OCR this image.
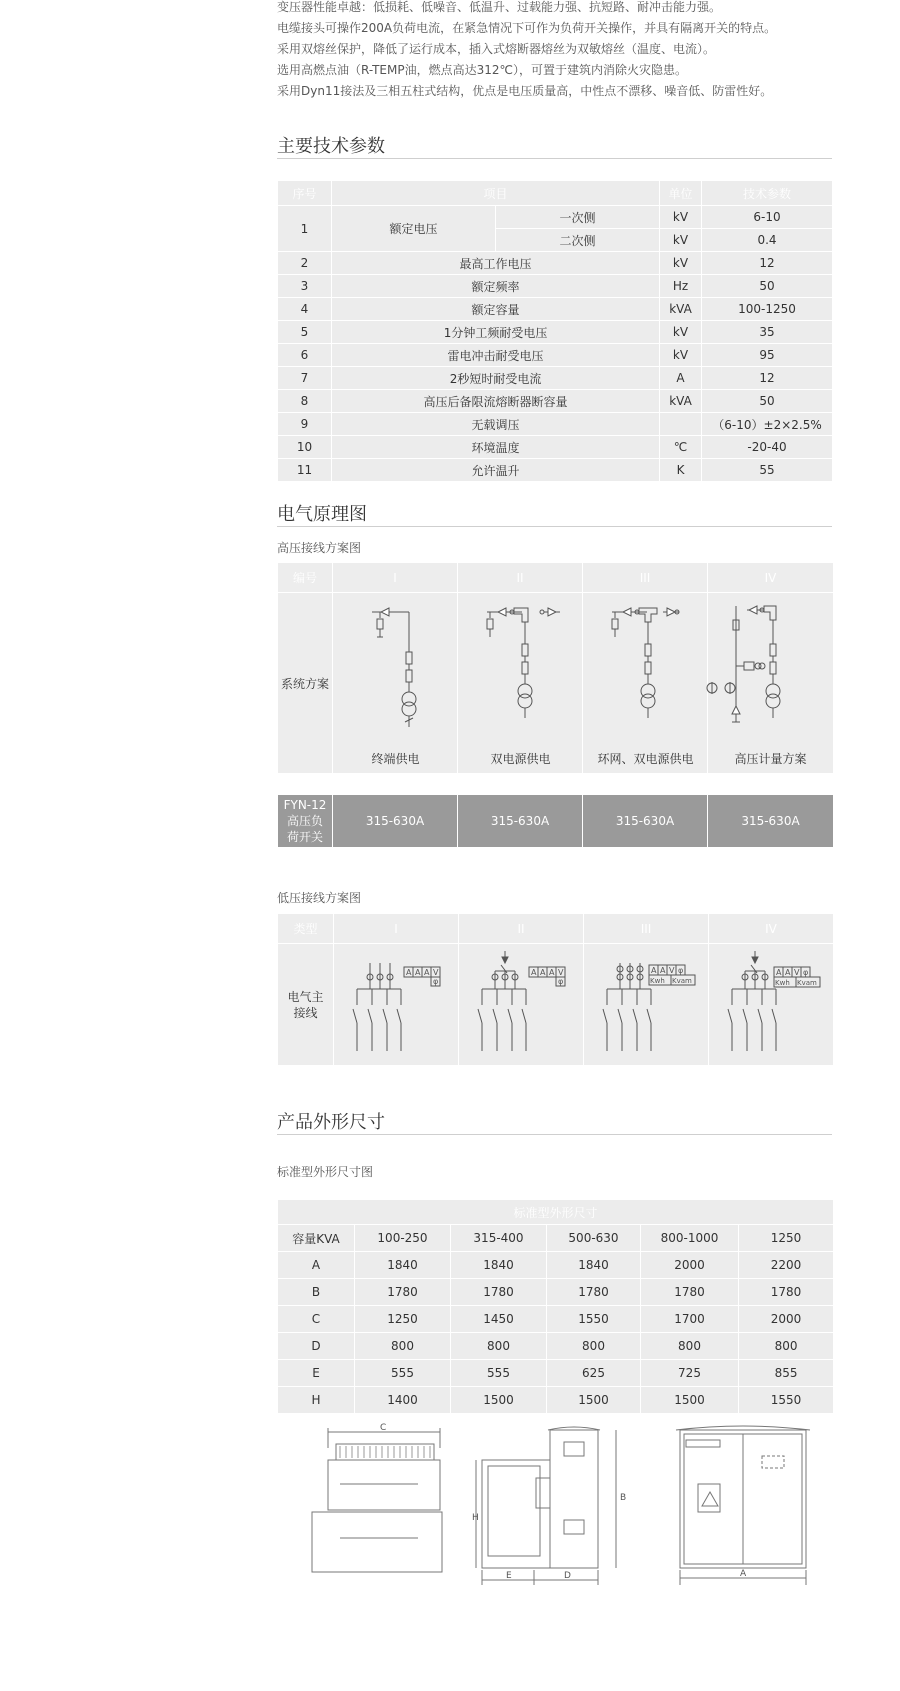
变压器性能卓越：低损耗、低噪音、低温升、过载能力强、抗短路、耐冲击能力强。

电缆接头可操作200A负荷电流，在紧急情况下可作为负荷开关操作，并具有隔离开关的特点。

采用双熔丝保护，降低了运行成本，插入式熔断器熔丝为双敏熔丝（温度、电流）。

选用高燃点油（R-TEMP油，燃点高达312℃），可置于建筑内消除火灾隐患。

采用Dyn11接法及三相五柱式结构，优点是电压质量高，中性点不漂移、噪音低、防雷性好。

主要技术参数
序号	项目		单位	技术参数
1	额定电压	一次侧	kV	6-10
		二次侧	kV	0.4
2	最高工作电压		kV	12
3	额定频率		Hz	50
4	额定容量		kVA	100-1250
5	1分钟工频耐受电压		kV	35
6	雷电冲击耐受电压		kV	95
7	2秒短时耐受电流		A	12
8	高压后备限流熔断器断容量		kVA	50
9	无载调压			（6-10）±2×2.5%
10	环境温度		℃	-20-40
11	允许温升		K	55
电气原理图
高压接线方案图
编号	I	II	III	IV
系统方案				
终端供电	双电源供电	环网、双电源供电	高压计量方案
FYN-12
高压负
荷开关	315-630A	315-630A	315-630A	315-630A
低压接线方案图
类型	I	II	III	IV
电气主
接线				
A A A V
φ
A A A V
φ
A A V φ
Kwh Kvam
A A V φ
Kwh Kvam
产品外形尺寸
标准型外形尺寸图
标准型外形尺寸					
容量KVA	100-250	315-400	500-630	800-1000	1250
A	1840	1840	1840	2000	2200
B	1780	1780	1780	1780	1780
C	1250	1450	1550	1700	2000
D	800	800	800	800	800
E	555	555	625	725	855
H	1400	1500	1500	1500	1550
C
H
B
E	D	A
